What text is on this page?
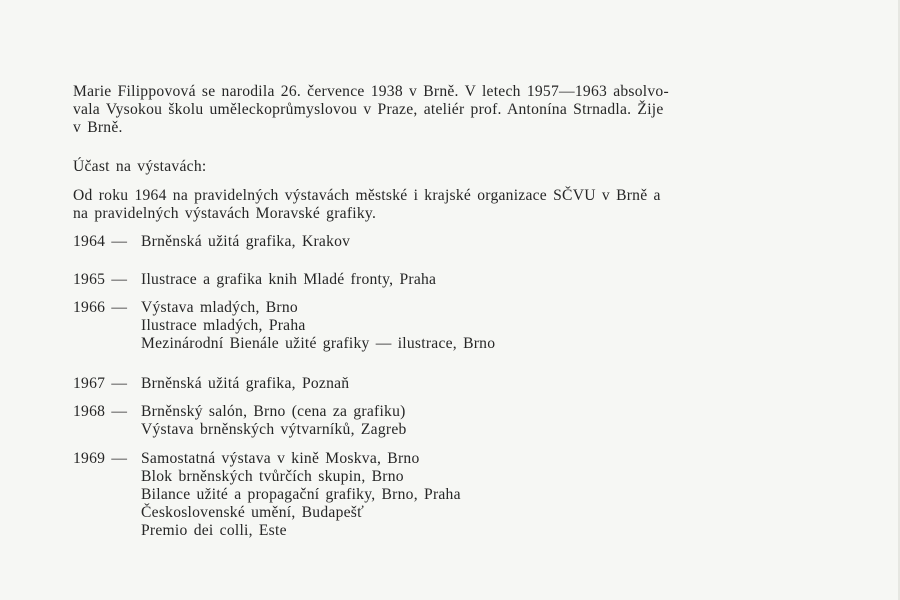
Marie Filippovová se narodila 26. července 1938 v Brně. V letech 1957—1963 absolvo-
vala Vysokou školu uměleckoprůmyslovou v Praze, ateliér prof. Antonína Strnadla. Žije
v Brně.
Účast na výstavách:
Od roku 1964 na pravidelných výstavách městské i krajské organizace SČVU v Brně a
na pravidelných výstavách Moravské grafiky.
1964 — Brněnská užitá grafika, Krakov
1965 — Ilustrace a grafika knih Mladé fronty, Praha
1966 — Výstava mladých, Brno
Ilustrace mladých, Praha
Mezinárodní Bienále užité grafiky — ilustrace, Brno
1967 — Brněnská užitá grafika, Poznaň
1968 — Brněnský salón, Brno (cena za grafiku)
Výstava brněnských výtvarníků, Zagreb
1969 — Samostatná výstava v kině Moskva, Brno
Blok brněnských tvůrčích skupin, Brno
Bilance užité a propagační grafiky, Brno, Praha
Československé umění, Budapešť
Premio dei colli, Este
